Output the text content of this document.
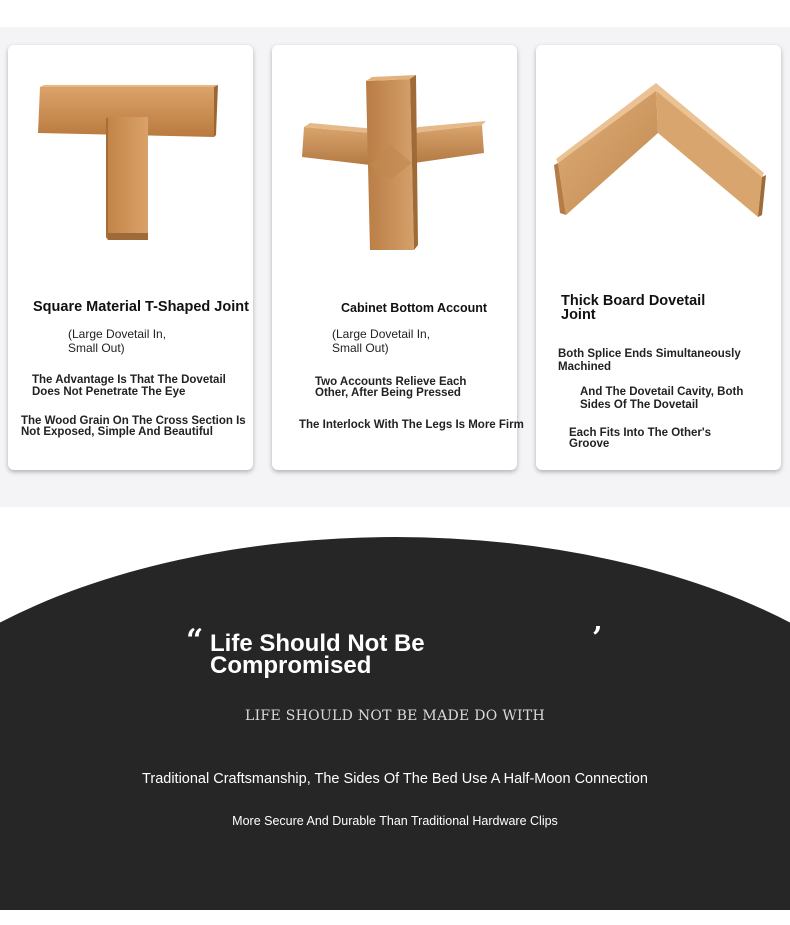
Square Material T-Shaped Joint
(Large Dovetail In,
Small Out)
The Advantage Is That The Dovetail
Does Not Penetrate The Eye
The Wood Grain On The Cross Section Is
Not Exposed, Simple And Beautiful
Cabinet Bottom Account
(Large Dovetail In,
Small Out)
Two Accounts Relieve Each
Other, After Being Pressed
The Interlock With The Legs Is More Firm
Thick Board Dovetail
Joint
Both Splice Ends Simultaneously
Machined
And The Dovetail Cavity, Both
Sides Of The Dovetail
Each Fits Into The Other's
Groove
“	’
Life Should Not Be
Compromised
LIFE SHOULD NOT BE MADE DO WITH
Traditional Craftsmanship, The Sides Of The Bed Use A Half-Moon Connection
More Secure And Durable Than Traditional Hardware Clips
